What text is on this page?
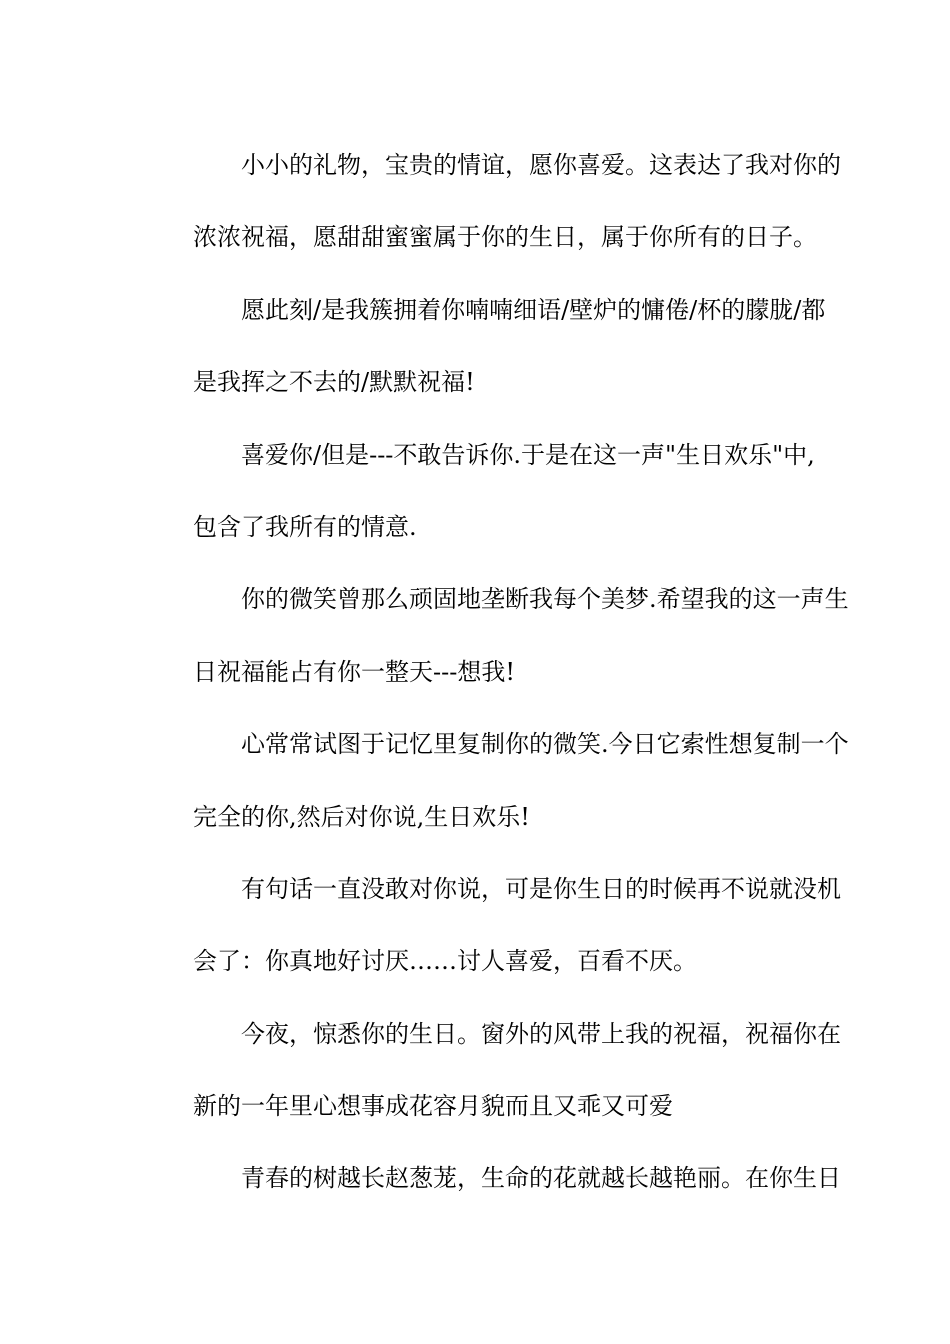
小小的礼物，宝贵的情谊，愿你喜爱。这表达了我对你的
浓浓祝福，愿甜甜蜜蜜属于你的生日，属于你所有的日子。

愿此刻/是我簇拥着你喃喃细语/壁炉的慵倦/杯的朦胧/都
是我挥之不去的/默默祝福!

喜爱你/但是---不敢告诉你.于是在这一声"生日欢乐"中,
包含了我所有的情意.

你的微笑曾那么顽固地垄断我每个美梦.希望我的这一声生
日祝福能占有你一整天---想我!

心常常试图于记忆里复制你的微笑.今日它索性想复制一个
完全的你,然后对你说,生日欢乐!

有句话一直没敢对你说，可是你生日的时候再不说就没机
会了：你真地好讨厌……讨人喜爱，百看不厌。

今夜，惊悉你的生日。窗外的风带上我的祝福，祝福你在
新的一年里心想事成花容月貌而且又乖又可爱

青春的树越长赵葱茏，生命的花就越长越艳丽。在你生日
